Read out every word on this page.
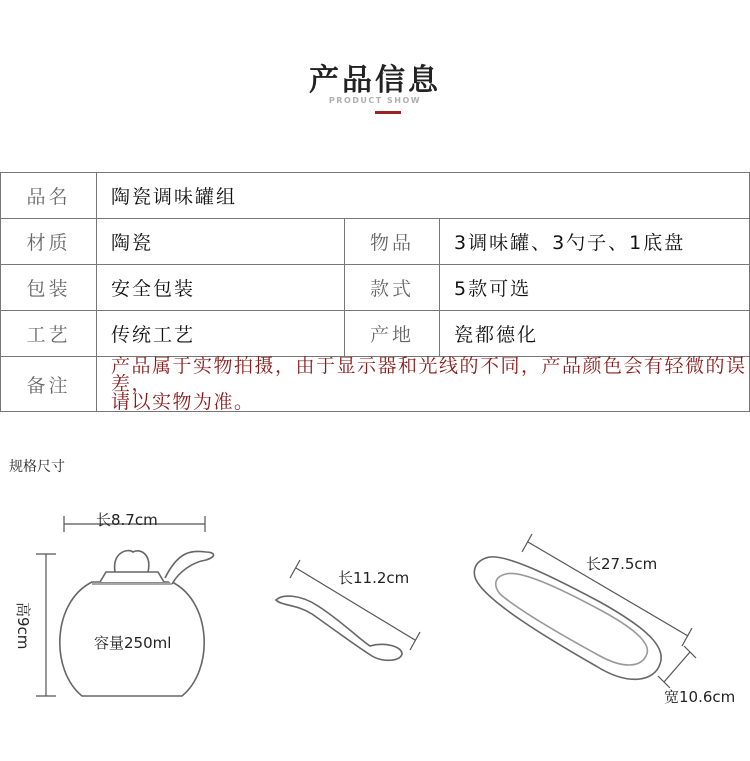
产品信息
PRODUCT SHOW
品名	陶瓷调味罐组		
材质	陶瓷	物品	3调味罐、3勺子、1底盘
包装	安全包装	款式	5款可选
工艺	传统工艺	产地	瓷都德化
备注	产品属于实物拍摄，由于显示器和光线的不同，产品颜色会有轻微的误差，
请以实物为准。		
规格尺寸
长8.7cm
容量250ml
高9cm
长11.2cm
长27.5cm
宽10.6cm
